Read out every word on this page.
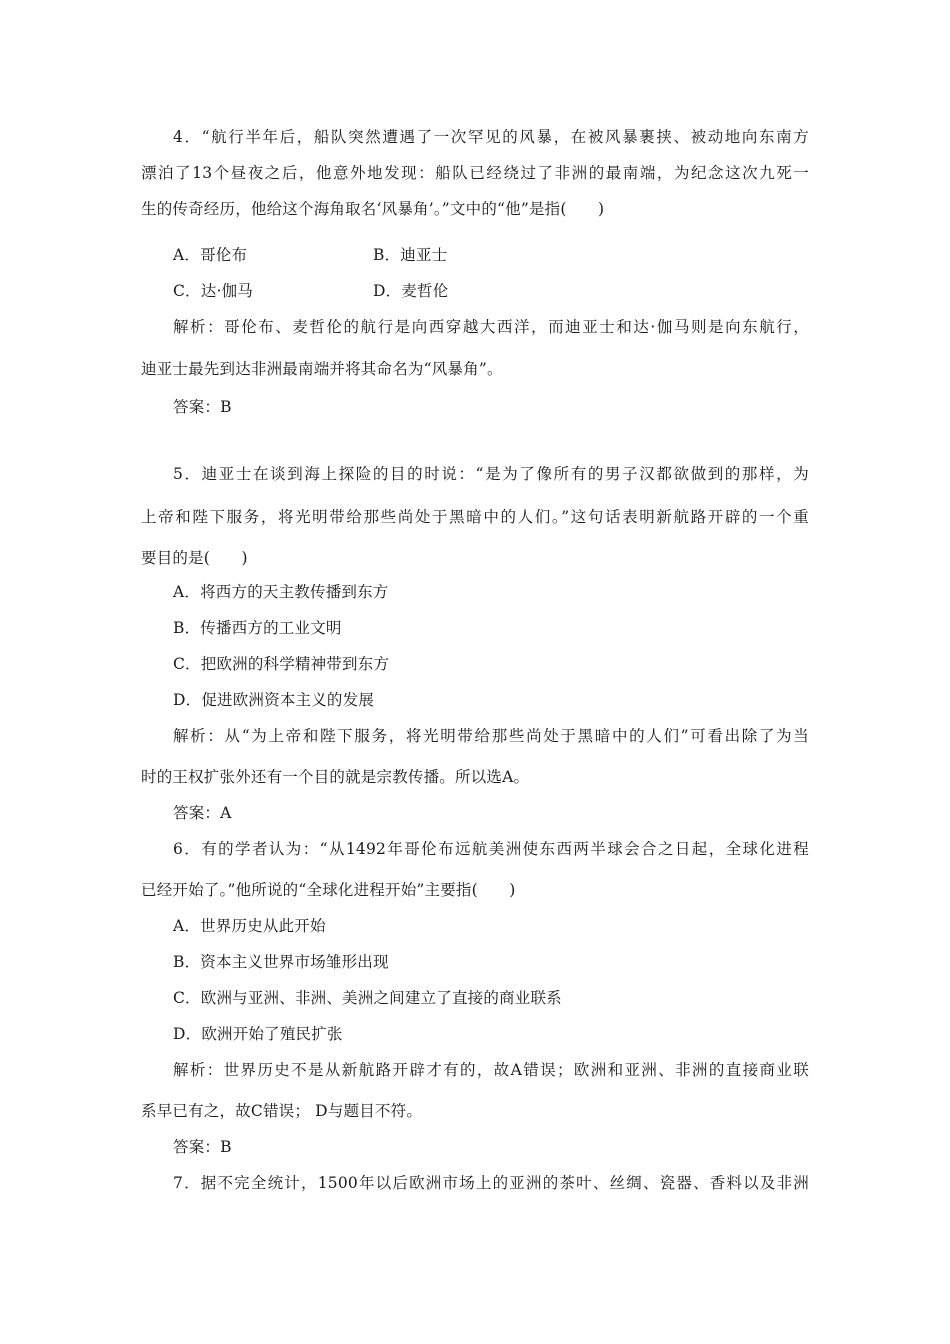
4．“航行半年后，船队突然遭遇了一次罕见的风暴，在被风暴裹挟、被动地向东南方
漂泊了13个昼夜之后，他意外地发现：船队已经绕过了非洲的最南端，为纪念这次九死一
生的传奇经历，他给这个海角取名‘风暴角’。”文中的“他”是指(　　)
A．哥伦布	B．迪亚士
C．达·伽马	D．麦哲伦
解析：哥伦布、麦哲伦的航行是向西穿越大西洋，而迪亚士和达·伽马则是向东航行，
迪亚士最先到达非洲最南端并将其命名为“风暴角”。
答案：B
5．迪亚士在谈到海上探险的目的时说：“是为了像所有的男子汉都欲做到的那样，为
上帝和陛下服务，将光明带给那些尚处于黑暗中的人们。”这句话表明新航路开辟的一个重
要目的是(　　)
A．将西方的天主教传播到东方
B．传播西方的工业文明
C．把欧洲的科学精神带到东方
D．促进欧洲资本主义的发展
解析：从“为上帝和陛下服务，将光明带给那些尚处于黑暗中的人们”可看出除了为当
时的王权扩张外还有一个目的就是宗教传播。所以选A。
答案：A
6．有的学者认为：“从1492年哥伦布远航美洲使东西两半球会合之日起，全球化进程
已经开始了。”他所说的“全球化进程开始”主要指(　　)
A．世界历史从此开始
B．资本主义世界市场雏形出现
C．欧洲与亚洲、非洲、美洲之间建立了直接的商业联系
D．欧洲开始了殖民扩张
解析：世界历史不是从新航路开辟才有的，故A错误；欧洲和亚洲、非洲的直接商业联
系早已有之，故C错误； D与题目不符。
答案：B
7．据不完全统计，1500年以后欧洲市场上的亚洲的茶叶、丝绸、瓷器、香料以及非洲
